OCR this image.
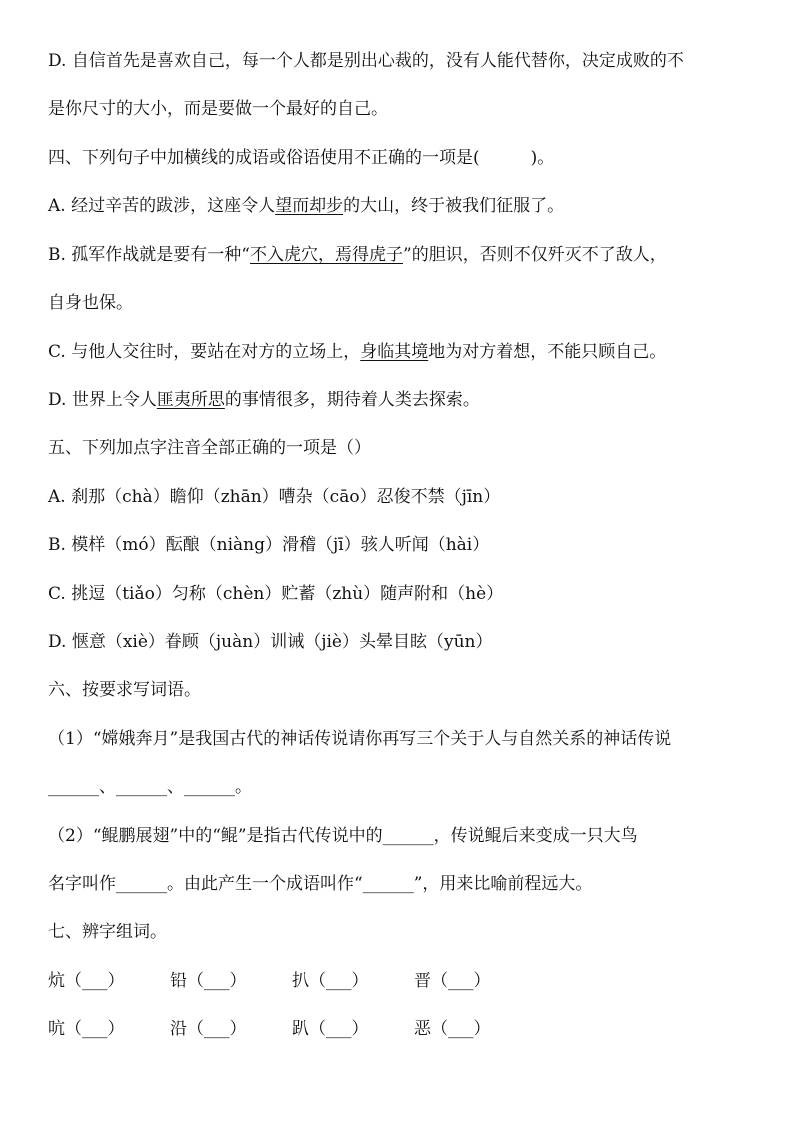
D. 自信首先是喜欢自己，每一个人都是别出心裁的，没有人能代替你，决定成败的不
是你尺寸的大小，而是要做一个最好的自己。
四、下列句子中加横线的成语或俗语使用不正确的一项是(　　　)。
A. 经过辛苦的跋涉，这座令人望而却步的大山，终于被我们征服了。
B. 孤军作战就是要有一种“不入虎穴，焉得虎子”的胆识，否则不仅歼灭不了敌人，
自身也保。
C. 与他人交往时，要站在对方的立场上，身临其境地为对方着想，不能只顾自己。
D. 世界上令人匪夷所思的事情很多，期待着人类去探索。
五、下列加点字注音全部正确的一项是（）
A. 刹那（chà）瞻仰（zhān）嘈杂（cāo）忍俊不禁（jīn）
B. 模样（mó）酝酿（niàng）滑稽（jī）骇人听闻（hài）
C. 挑逗（tiǎo）匀称（chèn）贮蓄（zhù）随声附和（hè）
D. 惬意（xiè）眷顾（juàn）训诫（jiè）头晕目眩（yūn）
六、按要求写词语。
（1）“嫦娥奔月”是我国古代的神话传说请你再写三个关于人与自然关系的神话传说
______、______、______。
（2）“鲲鹏展翅”中的“鲲”是指古代传说中的______，传说鲲后来变成一只大鸟
名字叫作______。由此产生一个成语叫作“______”，用来比喻前程远大。
七、辨字组词。
炕（___）	铅（___）	扒（___）	晋（___）
吭（___）	沿（___）	趴（___）	恶（___）
